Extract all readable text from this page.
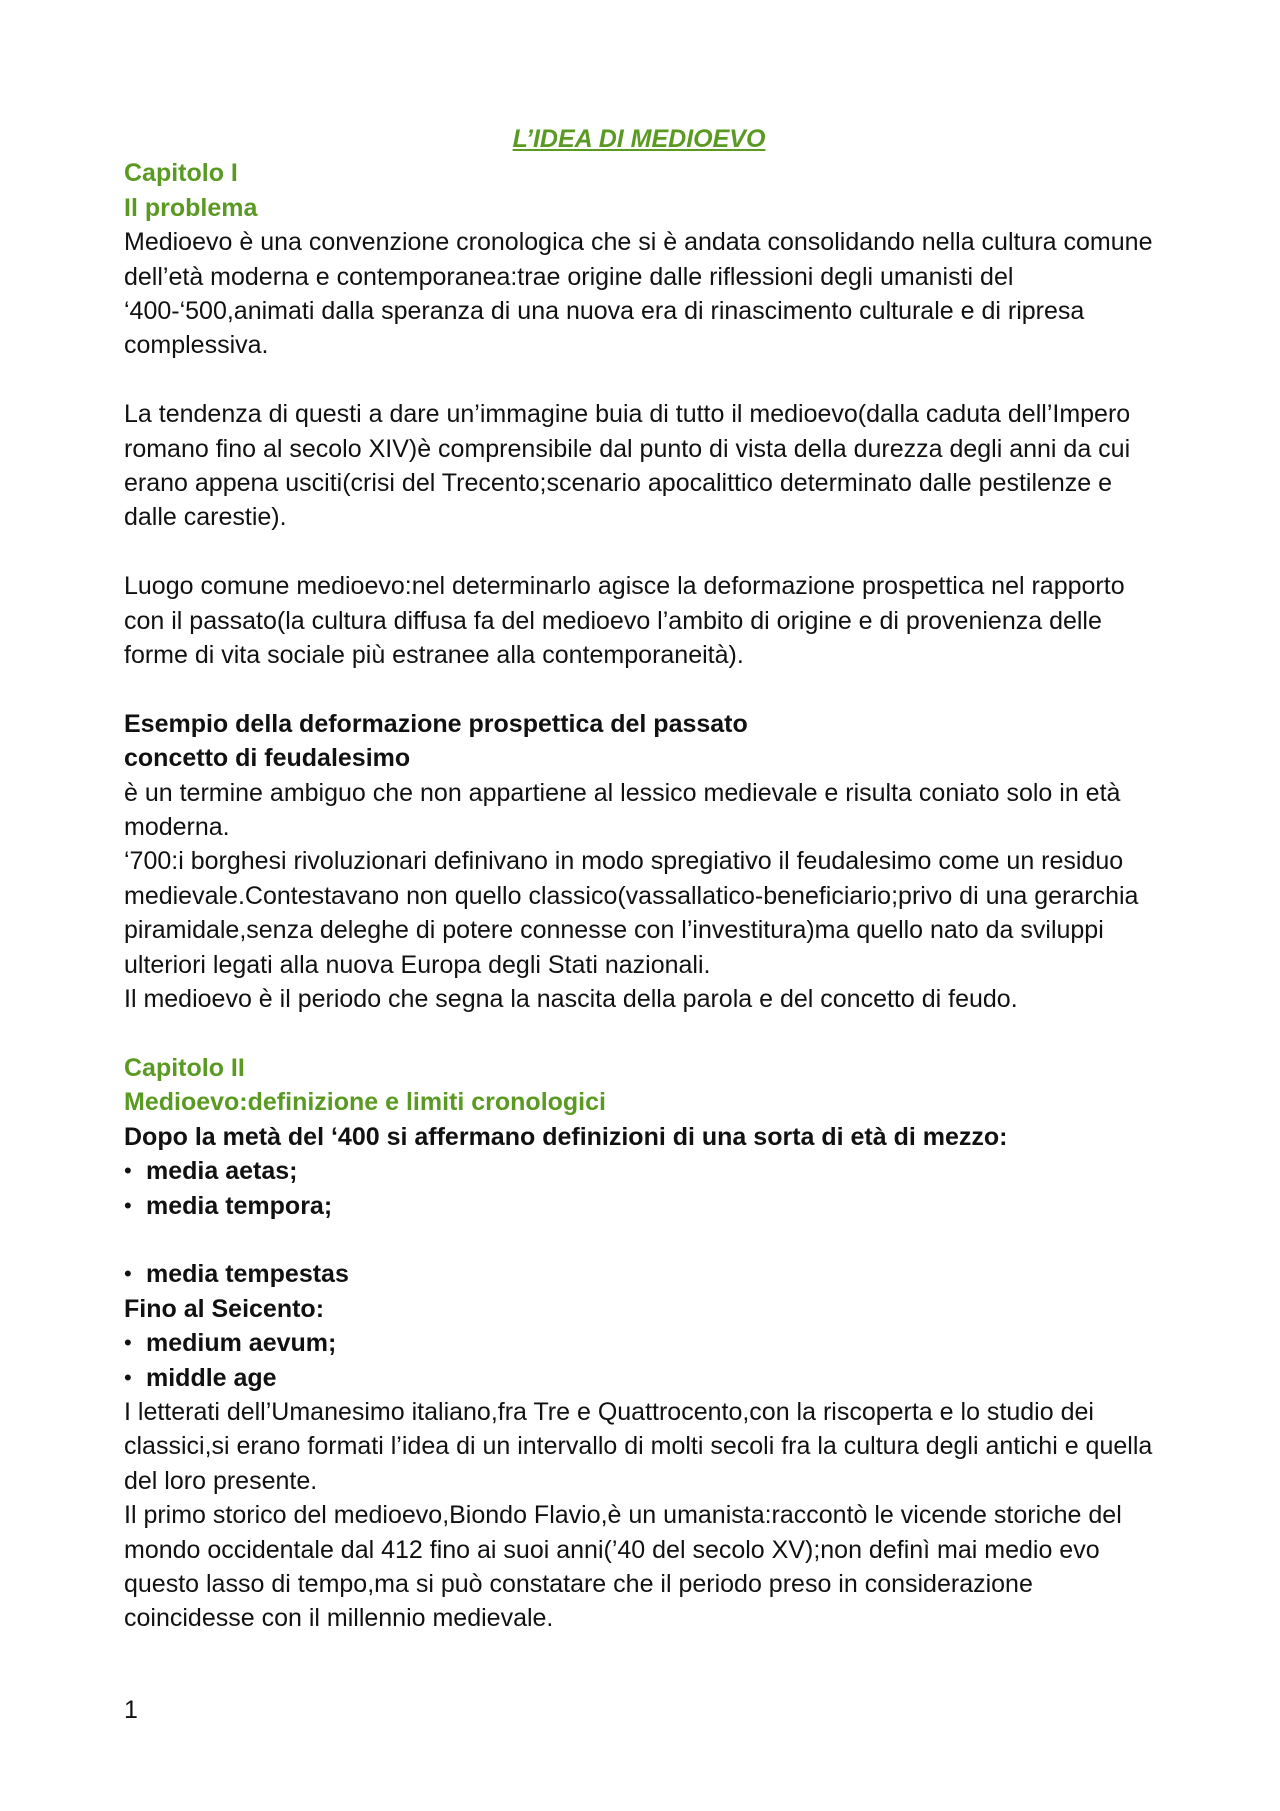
L’IDEA DI MEDIOEVO
Capitolo I
Il problema

Medioevo è una convenzione cronologica che si è andata consolidando nella cultura comune dell’età moderna e contemporanea:trae origine dalle riflessioni degli umanisti del ‘400-‘500,animati dalla speranza di una nuova era di rinascimento culturale e di ripresa complessiva.

La tendenza di questi a dare un’immagine buia di tutto il medioevo(dalla caduta dell’Impero romano fino al secolo XIV)è comprensibile dal punto di vista della durezza degli anni da cui erano appena usciti(crisi del Trecento;scenario apocalittico determinato dalle pestilenze e dalle carestie).

Luogo comune medioevo:nel determinarlo agisce la deformazione prospettica nel rapporto con il passato(la cultura diffusa fa del medioevo l’ambito di origine e di provenienza delle forme di vita sociale più estranee alla contemporaneità).

Esempio della deformazione prospettica del passato

concetto di feudalesimo

è un termine ambiguo che non appartiene al lessico medievale e risulta coniato solo in età moderna.

‘700:i borghesi rivoluzionari definivano in modo spregiativo il feudalesimo come un residuo medievale.Contestavano non quello classico(vassallatico-beneficiario;privo di una gerarchia piramidale,senza deleghe di potere connesse con l’investitura)ma quello nato da sviluppi ulteriori legati alla nuova Europa degli Stati nazionali.

Il medioevo è il periodo che segna la nascita della parola e del concetto di feudo.

Capitolo II
Medioevo:definizione e limiti cronologici

Dopo la metà del ‘400 si affermano definizioni di una sorta di età di mezzo:

• media aetas;
• media tempora;
• media tempestas

Fino al Seicento:

• medium aevum;
• middle age

I letterati dell’Umanesimo italiano,fra Tre e Quattrocento,con la riscoperta e lo studio dei classici,si erano formati l’idea di un intervallo di molti secoli fra la cultura degli antichi e quella del loro presente.

Il primo storico del medioevo,Biondo Flavio,è un umanista:raccontò le vicende storiche del mondo occidentale dal 412 fino ai suoi anni(’40 del secolo XV);non definì mai medio evo questo lasso di tempo,ma si può constatare che il periodo preso in considerazione coincidesse con il millennio medievale.

1
